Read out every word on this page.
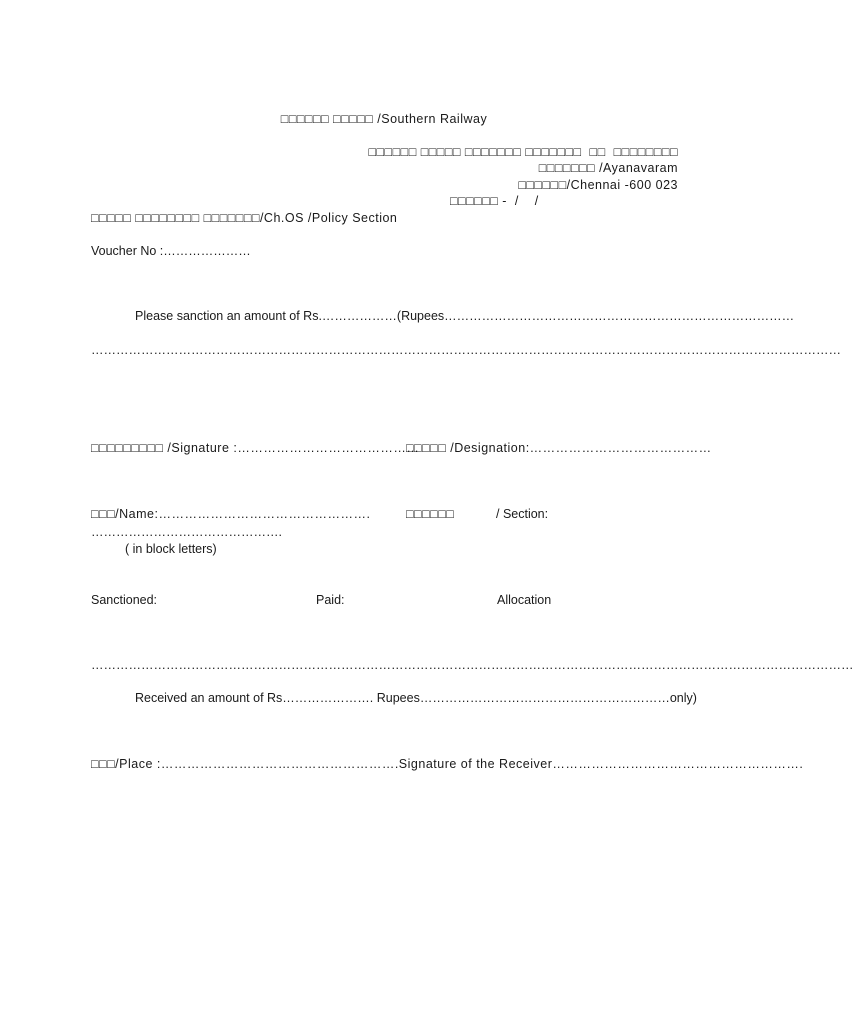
□□□□□□ □□□□□ /Southern Railway
□□□□□□ □□□□□ □□□□□□□ □□□□□□□  □□  □□□□□□□□
□□□□□□□ /Ayanavaram
□□□□□□/Chennai -600 023
□□□□□□ -  /    /
□□□□□ □□□□□□□□ □□□□□□□/Ch.OS /Policy Section
Voucher No :…………………
Please sanction an amount of Rs.………………(Rupees…………………………………………………………………………
………………………………………………………………………………………………………………………………………………………………
□□□□□□□□□ /Signature :……………………………………
□□□□□ /Designation:……………………………………
□□□/Name:………………………………………….	□□□□□□	/ Section:
……………………………………….
( in block letters)
Sanctioned:	Paid:	Allocation
…………………………………………………………………………………………………………………………………………………………………
Received an amount of Rs…………………. Rupees……………………………………………………only)
□□□/Place :……………………………………………….Signature of the Receiver………………………………………………….
